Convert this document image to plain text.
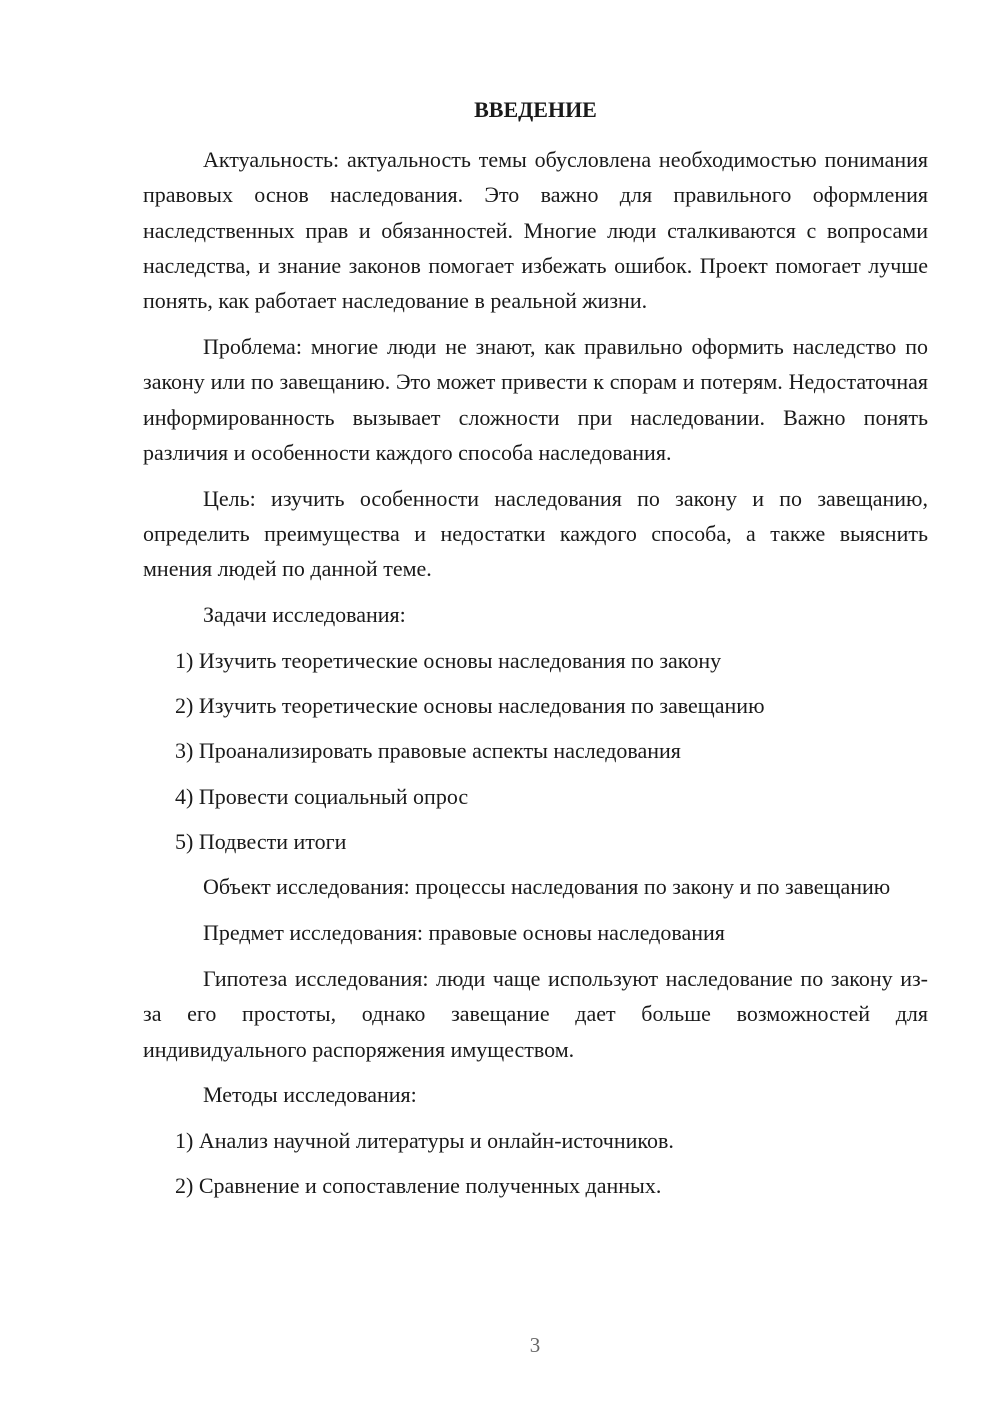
ВВЕДЕНИЕ

Актуальность: актуальность темы обусловлена необходимостью понимания правовых основ наследования. Это важно для правильного оформления наследственных прав и обязанностей. Многие люди сталкиваются с вопросами наследства, и знание законов помогает избежать ошибок. Проект помогает лучше понять, как работает наследование в реальной жизни.

Проблема: многие люди не знают, как правильно оформить наследство по закону или по завещанию. Это может привести к спорам и потерям. Недостаточная информированность вызывает сложности при наследовании. Важно понять различия и особенности каждого способа наследования.

Цель: изучить особенности наследования по закону и по завещанию, определить преимущества и недостатки каждого способа, а также выяснить мнения людей по данной теме.

Задачи исследования:

1) Изучить теоретические основы наследования по закону
2) Изучить теоретические основы наследования по завещанию
3) Проанализировать правовые аспекты наследования
4) Провести социальный опрос
5) Подвести итоги

Объект исследования: процессы наследования по закону и по завещанию

Предмет исследования: правовые основы наследования

Гипотеза исследования: люди чаще используют наследование по закону из-за его простоты, однако завещание дает больше возможностей для индивидуального распоряжения имуществом.

Методы исследования:

1) Анализ научной литературы и онлайн-источников.
2) Сравнение и сопоставление полученных данных.
3
